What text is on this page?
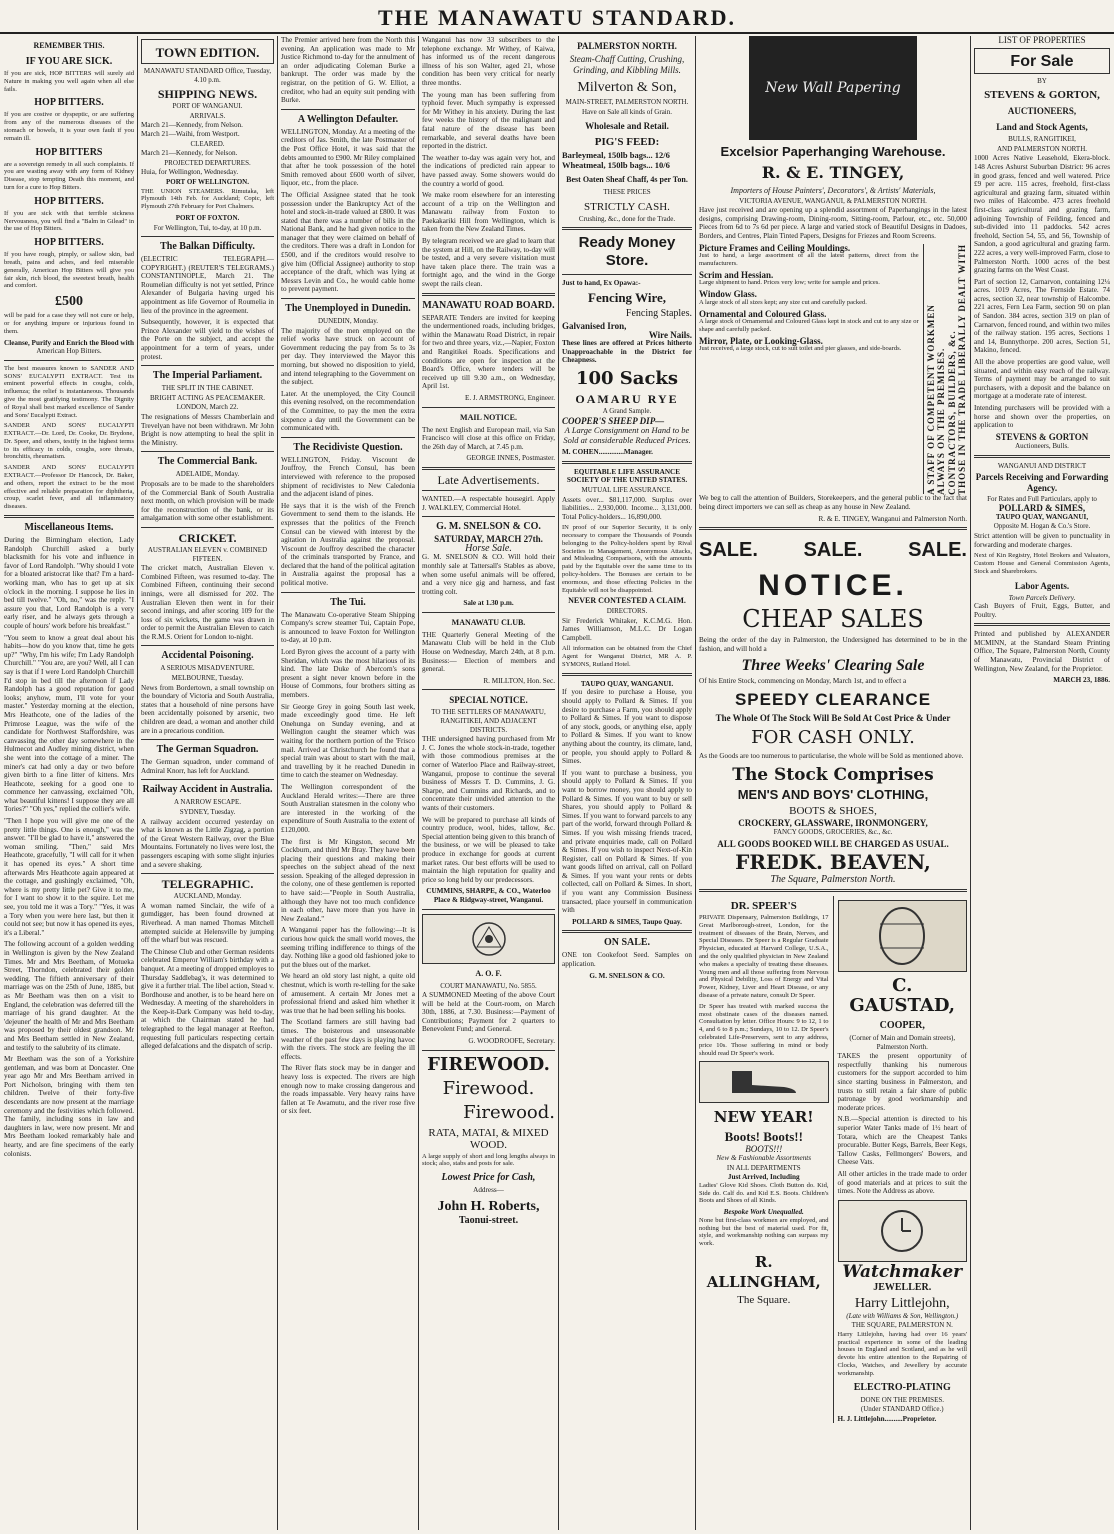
THE MANAWATU STANDARD.
REMEMBER THIS.
IF YOU ARE SICK.

If you are sick, HOP BITTERS will surely aid Nature in making you well again when all else fails.

HOP BITTERS.

If you are costive or dyspeptic, or are suffering from any of the numerous diseases of the stomach or bowels, it is your own fault if you remain ill.

HOP BITTERS

are a sovereign remedy in all such complaints. If you are wasting away with any form of Kidney Disease, stop tempting Death this moment, and turn for a cure to Hop Bitters.

HOP BITTERS.

If you are sick with that terrible sickness Nervousness, you will find a "Balm in Gilead" in the use of Hop Bitters.

HOP BITTERS.

If you have rough, pimply, or sallow skin, bad breath, pains and aches, and feel miserable generally, American Hop Bitters will give you fair skin, rich blood, the sweetest breath, health and comfort.

£500

will be paid for a case they will not cure or help, or for anything impure or injurious found in them.

Cleanse, Purify and Enrich the Blood with
American Hop Bitters.

The best measures known to SANDER AND SONS' EUCALYPTI EXTRACT. Test its eminent powerful effects in coughs, colds, influenza; the relief is instantaneous. Thousands give the most gratifying testimony. The Dignity of Royal shall best marked excellence of Sander and Sons' Eucalypti Extract.

SANDER AND SONS' EUCALYPTI EXTRACT.—Dr. Lord, Dr. Cooke, Dr. Brydone, Dr. Speer, and others, testify in the highest terms to its efficacy in colds, coughs, sore throats, bronchitis, rheumatism.

SANDER AND SONS' EUCALYPTI EXTRACT.—Professor Dr Hancock, Dr. Baker, and others, report the extract to be the most effective and reliable preparation for diphtheria, croup, scarlet fever, and all inflammatory diseases.

Miscellaneous Items.

During the Birmingham election, Lady Randolph Churchill asked a burly blacksmith for his vote and influence in favor of Lord Randolph. "Why should I vote for a bloated aristocrat like that? I'm a hard-working man, who has to get up at six o'clock in the morning. I suppose he lies in bed till twelve." "Oh, no," was the reply. "I assure you that, Lord Randolph is a very early riser, and he always gets through a couple of hours' work before his breakfast."

"You seem to know a great deal about his habits—how do you know that, time he gets up?" "Why, I'm his wife; I'm Lady Randolph Churchill." "You are, are you? Well, all I can say is that if I were Lord Randolph Churchill I'd stop in bed till the afternoon if Lady Randolph has a good reputation for good looks; anyhow, mum, I'll vote for your master." Yesterday morning at the election, Mrs Heathcote, one of the ladies of the Primrose League, was the wife of the candidate for Northwest Staffordshire, was canvassing the other day somewhere in the Hulmecot and Audley mining district, when she went into the cottage of a miner. The miner's cat had only a day or two before given birth to a fine litter of kittens. Mrs Heathcote, seeking for a good one to commence her canvassing, exclaimed "Oh, what beautiful kittens! I suppose they are all Tories?" "Oh yes," replied the collier's wife.

"Then I hope you will give me one of the pretty little things. One is enough," was the answer. "I'll be glad to have it," answered the woman smiling. "Then," said Mrs Heathcote, gracefully, "I will call for it when it has opened its eyes." A short time afterwards Mrs Heathcote again appeared at the cottage, and gushingly exclaimed, "Oh, where is my pretty little pet? Give it to me, for I want to show it to the squire. Let me see, you told me it was a Tory." "Yes, it was a Tory when you were here last, but then it could not see; but now it has opened its eyes, it's a Liberal."

The following account of a golden wedding in Wellington is given by the New Zealand Times. Mr and Mrs Beetham, of Motueka Street, Thorndon, celebrated their golden wedding. The fiftieth anniversary of their marriage was on the 25th of June, 1885, but as Mr Beetham was then on a visit to England, the celebration was deferred till the marriage of his grand daughter. At the 'dejeuner' the health of Mr and Mrs Beetham was proposed by their oldest grandson. Mr and Mrs Beetham settled in New Zealand, and testify to the salubrity of its climate.

Mr Beetham was the son of a Yorkshire gentleman, and was born at Doncaster. One year ago Mr and Mrs Beetham arrived in Port Nicholson, bringing with them ten children. Twelve of their forty-five descendants are now present at the marriage ceremony and the festivities which followed. The family, including sons in law and daughters in law, were now present. Mr and Mrs Beetham looked remarkably hale and hearty, and are fine specimens of the early colonists.

TOWN EDITION.
MANAWATU STANDARD Office, Tuesday, 4.10 p.m.
SHIPPING NEWS.
PORT OF WANGANUI.
ARRIVALS.
March 21—Kennedy, from Nelson.
March 21—Waihi, from Westport.
CLEARED.
March 21—Kennedy, for Nelson.
PROJECTED DEPARTURES.
Huia, for Wellington, Wednesday.
PORT OF WELLINGTON.

THE UNION STEAMERS. Rimutaka, left Plymouth 14th Feb. for Auckland; Copic, left Plymouth 27th February for Port Chalmers.

PORT OF FOXTON.
For Wellington, Tui, to-day, at 10 p.m.
The Balkan Difficulty.

(ELECTRIC TELEGRAPH.—COPYRIGHT.) (REUTER'S TELEGRAMS.) CONSTANTINOPLE, March 21. The Roumelian difficulty is not yet settled, Prince Alexander of Bulgaria having urged his appointment as life Governor of Roumelia in lieu of the province in the agreement.

Subsequently, however, it is expected that Prince Alexander will yield to the wishes of the Porte on the subject, and accept the appointment for a term of years, under protest.

The Imperial Parliament.
THE SPLIT IN THE CABINET.
BRIGHT ACTING AS PEACEMAKER.
LONDON, March 22.

The resignations of Messrs Chamberlain and Trevelyan have not been withdrawn. Mr John Bright is now attempting to heal the split in the Ministry.

The Commercial Bank.
ADELAIDE, Monday.

Proposals are to be made to the shareholders of the Commercial Bank of South Australia next month, on which provision will be made for the reconstruction of the bank, or its amalgamation with some other establishment.

CRICKET.
AUSTRALIAN ELEVEN v. COMBINED FIFTEEN.

The cricket match, Australian Eleven v. Combined Fifteen, was resumed to-day. The Combined Fifteen, continuing their second innings, were all dismissed for 202. The Australian Eleven then went in for their second innings, and after scoring 109 for the loss of six wickets, the game was drawn in order to permit the Australian Eleven to catch the R.M.S. Orient for London to-night.

Accidental Poisoning.
A SERIOUS MISADVENTURE.
MELBOURNE, Tuesday.

News from Bordertown, a small township on the boundary of Victoria and South Australia, states that a household of nine persons have been accidentally poisoned by arsenic, two children are dead, a woman and another child are in a precarious condition.

The German Squadron.

The German squadron, under command of Admiral Knorr, has left for Auckland.

Railway Accident in Australia.
A NARROW ESCAPE.
SYDNEY, Tuesday.

A railway accident occurred yesterday on what is known as the Little Zigzag, a portion of the Great Western Railway, over the Blue Mountains. Fortunately no lives were lost, the passengers escaping with some slight injuries and a severe shaking.

TELEGRAPHIC.
AUCKLAND, Monday.

A woman named Sinclair, the wife of a gumdigger, has been found drowned at Riverhead. A man named Thomas Mitchell attempted suicide at Helensville by jumping off the wharf but was rescued.

The Chinese Club and other German residents celebrated Emperor William's birthday with a banquet. At a meeting of dropped employes to Thursday Saddlebag's, it was determined to give it a further trial. The libel action, Stead v. Bordhouse and another, is to be heard here on Wednesday. A meeting of the shareholders in the Keep-it-Dark Company was held to-day, at which the Chairman stated he had telegraphed to the legal manager at Reefton, requesting full particulars respecting certain alleged defalcations and the dispatch of scrip.

The Premier arrived here from the North this evening. An application was made to Mr Justice Richmond to-day for the annulment of an order adjudicating Coleman Burke a bankrupt. The order was made by the registrar, on the petition of G. W. Elliot, a creditor, who had an equity suit pending with Burke.

A Wellington Defaulter.

WELLINGTON, Monday. At a meeting of the creditors of Jas. Smith, the late Postmaster of the Post Office Hotel, it was said that the debts amounted to £900. Mr Riley complained that after he took possession of the hotel Smith removed about £600 worth of silver, liquor, etc., from the place.

The Official Assignee stated that he took possession under the Bankruptcy Act of the hotel and stock-in-trade valued at £800. It was stated that there was a number of bills in the National Bank, and he had given notice to the manager that they were claimed on behalf of the creditors. There was a draft in London for £500, and if the creditors would resolve to give him (Official Assignee) authority to stop acceptance of the draft, which was lying at Messrs Levin and Co., he would cable home to prevent payment.

The Unemployed in Dunedin.
DUNEDIN, Monday.

The majority of the men employed on the relief works have struck on account of Government reducing the pay from 5s to 3s per day. They interviewed the Mayor this morning, but showed no disposition to yield, and intend telegraphing to the Government on the subject.

Later. At the unemployed, the City Council this evening resolved, on the recommendation of the Committee, to pay the men the extra sixpence a day until the Government can be communicated with.

The Recidiviste Question.

WELLINGTON, Friday. Viscount de Jouffroy, the French Consul, has been interviewed with reference to the proposed shipment of recidivistes to New Caledonia and the adjacent island of pines.

He says that it is the wish of the French Government to send them to the islands. He expresses that the politics of the French Consul can be viewed with interest by the agitation in Australia against the proposal. Viscount de Jouffroy described the character of the criminals transported by France, and declared that the hand of the political agitation in Australia against the proposal has a political motive.

The Tui.

The Manawatu Co-operative Steam Shipping Company's screw steamer Tui, Captain Pope, is announced to leave Foxton for Wellington to-day, at 10 p.m.

Lord Byron gives the account of a party with Sheridan, which was the most hilarious of its kind. The late Duke of Abercorn's sons present a sight never known before in the House of Commons, four brothers sitting as members.

Sir George Grey in going South last week, made exceedingly good time. He left Onehunga on Sunday evening, and at Wellington caught the steamer which was waiting for the northern portion of the 'Frisco mail. Arrived at Christchurch he found that a special train was about to start with the mail, and travelling by it he reached Dunedin in time to catch the steamer on Wednesday.

The Wellington correspondent of the Auckland Herald writes:—There are three South Australian statesmen in the colony who are interested in the working of the expenditure of South Australia to the extent of £120,000.

The first is Mr Kingston, second Mr Cockburn, and third Mr Bray. They have been placing their questions and making their speeches on the subject ahead of the next session. Speaking of the alleged depression in the colony, one of these gentlemen is reported to have said:—"People in South Australia, although they have not too much confidence in each other, have more than you have in New Zealand."

A Wanganui paper has the following:—It is curious how quick the small world moves, the seeming trifling indifference to things of the day. Nothing like a good old fashioned joke to put the blues out of the market.

We heard an old story last night, a quite old chestnut, which is worth re-telling for the sake of amusement. A certain Mr Jones met a professional friend and asked him whether it was true that he had been selling his books.

The Scotland farmers are still having bad times. The boisterous and unseasonable weather of the past few days is playing havoc with the rivers. The stock are feeling the ill effects.

The River flats stock may be in danger and heavy loss is expected. The rivers are high enough now to make crossing dangerous and the roads impassable. Very heavy rains have fallen at Te Awamutu, and the river rose five or six feet.

Wanganui has now 33 subscribers to the telephone exchange. Mr Withey, of Kaiwa, has informed us of the recent dangerous illness of his son Walter, aged 21, whose condition has been very critical for nearly three months.

The young man has been suffering from typhoid fever. Much sympathy is expressed for Mr Withey in his anxiety. During the last few weeks the history of the malignant and fatal nature of the disease has been remarkable, and several deaths have been reported in the district.

The weather to-day was again very hot, and the indications of predicted rain appear to have passed away. Some showers would do the country a world of good.

We make room elsewhere for an interesting account of a trip on the Wellington and Manawatu railway from Foxton to Paekakariki Hill from Wellington, which is taken from the New Zealand Times.

By telegram received we are glad to learn that the system at Hill, on the Railway, to-day will be tested, and a very severe visitation must have taken place there. The train was a fortnight ago, and the wind in the Gorge swept the rails clean.

MANAWATU ROAD BOARD.

SEPARATE Tenders are invited for keeping the undermentioned roads, including bridges, within the Manawatu Road District, in repair for two and three years, viz.,—Napier, Foxton and Rangitikei Roads. Specifications and conditions are open for inspection at the Board's Office, where tenders will be received up till 9.30 a.m., on Wednesday, April 1st.

E. J. ARMSTRONG, Engineer.
MAIL NOTICE.

The next English and European mail, via San Francisco will close at this office on Friday, the 26th day of March, at 7.45 p.m.

GEORGE INNES, Postmaster.
Late Advertisements.

WANTED.—A respectable housegirl. Apply J. WALKLEY, Commercial Hotel.

G. M. SNELSON & CO.
SATURDAY, MARCH 27th.
Horse Sale.

G. M. SNELSON & CO. Will hold their monthly sale at Tattersall's Stables as above, when some useful animals will be offered, and a very nice gig and harness, and fast trotting colt.

Sale at 1.30 p.m.
MANAWATU CLUB.

THE Quarterly General Meeting of the Manawatu Club will be held in the Club House on Wednesday, March 24th, at 8 p.m. Business:— Election of members and general.

R. MILLTON, Hon. Sec.
SPECIAL NOTICE.
TO THE SETTLERS OF MANAWATU, RANGITIKEI, AND ADJACENT DISTRICTS.

THE undersigned having purchased from Mr J. C. Jones the whole stock-in-trade, together with those commodious premises at the corner of Waterloo Place and Railway-street, Wanganui, propose to continue the several business of Messrs T. D. Cummins, J. G. Sharpe, and Cummins and Richards, and to concentrate their undivided attention to the wants of their customers.

We will be prepared to purchase all kinds of country produce, wool, hides, tallow, &c. Special attention being given to this branch of the business, or we will be pleased to take produce in exchange for goods at current market rates. Our best efforts will be used to maintain the high reputation for quality and price so long held by our predecessors.

CUMMINS, SHARPE, & CO., Waterloo Place & Ridgway-street, Wanganui.
A. O. F.
COURT MANAWATU, No. 5855.

A SUMMONED Meeting of the above Court will be held at the Court-room, on March 30th, 1886, at 7.30. Business:—Payment of Contributions; Payment for 2 quarters to Benevolent Fund; and General.

G. WOODROOFE, Secretary.
FIREWOOD.
Firewood.
Firewood.
RATA, MATAI, & MIXED WOOD.

A large supply of short and long lengths always in stock; also, stabs and posts for sale.

Lowest Price for Cash,
Address—
John H. Roberts,
Taonui-street.
PALMERSTON NORTH.
Steam-Chaff Cutting, Crushing, Grinding, and Kibbling Mills.
Milverton & Son,
MAIN-STREET, PALMERSTON NORTH.
Have on Sale all kinds of Grain.
Wholesale and Retail.
PIG'S FEED:
Barleymeal, 150lb bags... 12/6
Wheatmeal, 150lb bags... 10/6
Best Oaten Sheaf Chaff, 4s per Ton.
THESE PRICES
STRICTLY CASH.
Crushing, &c., done for the Trade.
Ready Money Store.
Just to hand, Ex Opawa:-
Fencing Wire,
Fencing Staples.
Galvanised Iron,
Wire Nails.

These lines are offered at Prices hitherto Unapproachable in the District for Cheapness.

100 Sacks
OAMARU RYE
A Grand Sample.
COOPER'S SHEEP DIP—
A Large Consignment on Hand to be Sold at considerable Reduced Prices.
M. COHEN..............Manager.
EQUITABLE LIFE ASSURANCE SOCIETY OF THE UNITED STATES.
MUTUAL LIFE ASSURANCE.

Assets over... $81,117,000. Surplus over liabilities... 2,930,000. Income... 3,131,000. Total Policy-holders... 16,890,000.

IN proof of our Superior Security, it is only necessary to compare the Thousands of Pounds belonging to the Policy-holders spent by Rival Societies in Management, Anonymous Attacks, and Misleading Comparisons, with the amounts paid by the Equitable over the same time to its policy-holders. The Bonuses are certain to be enormous, and those effecting Policies in the Equitable will not be disappointed.

NEVER CONTESTED A CLAIM.
DIRECTORS.

Sir Frederick Whitaker, K.C.M.G. Hon. James Williamson, M.L.C. Dr Logan Campbell.

All information can be obtained from the Chief Agent for Wanganui District, MR A. P. SYMONS, Rutland Hotel.

TAUPO QUAY, WANGANUI.

If you desire to purchase a House, you should apply to Pollard & Simes. If you desire to purchase a Farm, you should apply to Pollard & Simes. If you want to dispose of any stock, goods, or anything else, apply to Pollard & Simes. If you want to know anything about the country, its climate, land, or people, you should apply to Pollard & Simes.

If you want to purchase a business, you should apply to Pollard & Simes. If you want to borrow money, you should apply to Pollard & Simes. If you want to buy or sell Shares, you should apply to Pollard & Simes. If you want to forward parcels to any part of the world, forward through Pollard & Simes. If you wish missing friends traced, and private enquiries made, call on Pollard & Simes. If you wish to inspect Next-of-Kin Register, call on Pollard & Simes. If you want goods lifted on arrival, call on Pollard & Simes. If you want your rents or debts collected, call on Pollard & Simes. In short, if you want any Commission Business transacted, place yourself in communication with

POLLARD & SIMES, Taupo Quay.
ON SALE.

ONE ton Cookefoot Seed. Samples on application.

G. M. SNELSON & CO.
New Wall Papering
Excelsior Paperhanging Warehouse.
R. & E. TINGEY,
Importers of House Painters', Decorators', & Artists' Materials,
VICTORIA AVENUE, WANGANUI, & PALMERSTON NORTH.

Have just received and are opening up a splendid assortment of Paperhangings in the latest designs, comprising Drawing-room, Dining-room, Sitting-room, Parlour, etc., etc. 50,000 Pieces from 6d to 7s 6d per piece. A large and varied stock of Beautiful Designs in Dadoes, Borders, and Centres, Plain Tinted Papers, Designs for Friezes and Room Screens.

Picture Frames and Ceiling Mouldings.

Just to hand, a large assortment of all the latest patterns, direct from the manufacturers.

Scrim and Hessian.

Large shipment to hand. Prices very low; write for sample and prices.

Window Glass.

A large stock of all sizes kept; any size cut and carefully packed.

Ornamental and Coloured Glass.

A large stock of Ornamental and Coloured Glass kept in stock and cut to any size or shape and carefully packed.

Mirror, Plate, or Looking-Glass.

Just received, a large stock, cut to suit toilet and pier glasses, and side-boards.	A STAFF OF COMPETENT WORKMEN ALWAYS ON THE PREMISES. CONTRACTORS, BUILDERS, &c. THOSE IN THE TRADE LIBERALLY DEALT WITH

We beg to call the attention of Builders, Storekeepers, and the general public to the fact that being direct importers we can sell as cheap as any house in New Zealand.

R. & E. TINGEY, Wanganui and Palmerston North.
SALE. SALE. SALE.
NOTICE.
CHEAP SALES

Being the order of the day in Palmerston, the Undersigned has determined to be in the fashion, and will hold a

Three Weeks' Clearing Sale

Of his Entire Stock, commencing on Monday, March 1st, and to effect a

SPEEDY CLEARANCE
The Whole Of The Stock Will Be Sold At Cost Price & Under
FOR CASH ONLY.

As the Goods are too numerous to particularise, the whole will be Sold as mentioned above.

The Stock Comprises
MEN'S AND BOYS' CLOTHING,
BOOTS & SHOES,
CROCKERY, GLASSWARE, IRONMONGERY,
FANCY GOODS, GROCERIES, &c., &c.
ALL GOODS BOOKED WILL BE CHARGED AS USUAL.
FREDK. BEAVEN,
The Square, Palmerston North.
DR. SPEER'S

PRIVATE Dispensary, Palmerston Buildings, 17 Great Marlborough-street, London, for the treatment of diseases of the Brain, Nerves, and Special Diseases. Dr Speer is a Regular Graduate Physician, educated at Harvard College, U.S.A., and the only qualified physician in New Zealand who makes a specialty of treating these diseases. Young men and all those suffering from Nervous and Physical Debility, Loss of Energy and Vital Power, Kidney, Liver and Heart Disease, or any disease of a private nature, consult Dr Speer.

Dr Speer has treated with marked success the most obstinate cases of the diseases named. Consultation by letter. Office Hours: 9 to 12, 1 to 4, and 6 to 8 p.m.; Sundays, 10 to 12. Dr Speer's celebrated Life-Preservers, sent to any address, price 10s. Those suffering in mind or body should read Dr Speer's work.

NEW YEAR!
Boots! Boots!!
BOOTS!!!
New & Fashionable Assortments
IN ALL DEPARTMENTS
Just Arrived, Including

Ladies' Glove Kid Shoes. Cloth Button do. Kid, Side do. Calf do. and Kid E.S. Boots. Children's Boots and Shoes of all Kinds.

Bespoke Work Unequalled.

None but first-class workmen are employed, and nothing but the best of material used. For fit, style, and workmanship nothing can surpass my work.

R. ALLINGHAM,
The Square.
C. GAUSTAD,
COOPER,
(Corner of Main and Domain streets), Palmerston North.

TAKES the present opportunity of respectfully thanking his numerous customers for the support accorded to him since starting business in Palmerston, and trusts to still retain a fair share of public patronage by good workmanship and moderate prices.

N.B.—Special attention is directed to his superior Water Tanks made of 1½ heart of Totara, which are the Cheapest Tanks procurable. Butter Kegs, Barrels, Beer Kegs, Tallow Casks, Fellmongers' Bowers, and Cheese Vats.

All other articles in the trade made to order of good materials and at prices to suit the times. Note the Address as above.

Watchmaker
JEWELLER.
Harry Littlejohn,
(Late with Williams & Son, Wellington.)
THE SQUARE, PALMERSTON N.

Harry Littlejohn, having had over 16 years' practical experience in some of the leading houses in England and Scotland, and as he will devote his entire attention to the Repairing of Clocks, Watches, and Jewellery by accurate workmanship.

ELECTRO-PLATING
DONE ON THE PREMISES.
(Under STANDARD Office.)
H. J. Littlejohn..........Proprietor.
LIST OF PROPERTIES
For Sale
BY
STEVENS & GORTON,
AUCTIONEERS,
Land and Stock Agents,
BULLS, RANGITIKEI,
AND PALMERSTON NORTH.

1000 Acres Native Leasehold, Ekera-block. 148 Acres Ashurst Suburban District: 96 acres in good grass, fenced and well watered. Price £9 per acre. 115 acres, freehold, first-class agricultural and grazing farm, situated within two miles of Halcombe. 473 acres freehold first-class agricultural and grazing farm, adjoining Township of Feilding, fenced and sub-divided into 11 paddocks. 542 acres freehold, Section 54, 55, and 56, Township of Sandon, a good agricultural and grazing farm. 222 acres, a very well-improved Farm, close to Palmerston North. 1000 acres of the best grazing farms on the West Coast.

Part of section 12, Carnarvon, containing 12¼ acres. 1019 Acres, The Fernside Estate. 74 acres, section 32, near township of Halcombe. 221 acres, Fern Lea Farm, section 90 on plan of Sandon. 384 acres, section 319 on plan of Carnarvon, fenced round, and within two miles of the railway station. 195 acres, Sections 1 and 14, Bunnythorpe. 200 acres, Section 51, Makino, fenced.

All the above properties are good value, well situated, and within easy reach of the railway. Terms of payment may be arranged to suit purchasers, with a deposit and the balance on mortgage at a moderate rate of interest.

Intending purchasers will be provided with a horse and shown over the properties, on application to

STEVENS & GORTON
Auctioneers, Bulls.
WANGANUI AND DISTRICT
Parcels Receiving and Forwarding Agency.
For Rates and Full Particulars, apply to
POLLARD & SIMES,
TAUPO QUAY, WANGANUI,
Opposite M. Hogan & Co.'s Store.

Strict attention will be given to punctuality in forwarding and moderate charges.

Next of Kin Registry, Hotel Brokers and Valuators, Custom House and General Commission Agents, Stock and Sharebrokers.

Labor Agents.
Town Parcels Delivery.

Cash Buyers of Fruit, Eggs, Butter, and Poultry.

Printed and published by ALEXANDER MCMINN, at the Standard Steam Printing Office, The Square, Palmerston North, County of Manawatu, Provincial District of Wellington, New Zealand, for the Proprietor.

MARCH 23, 1886.
